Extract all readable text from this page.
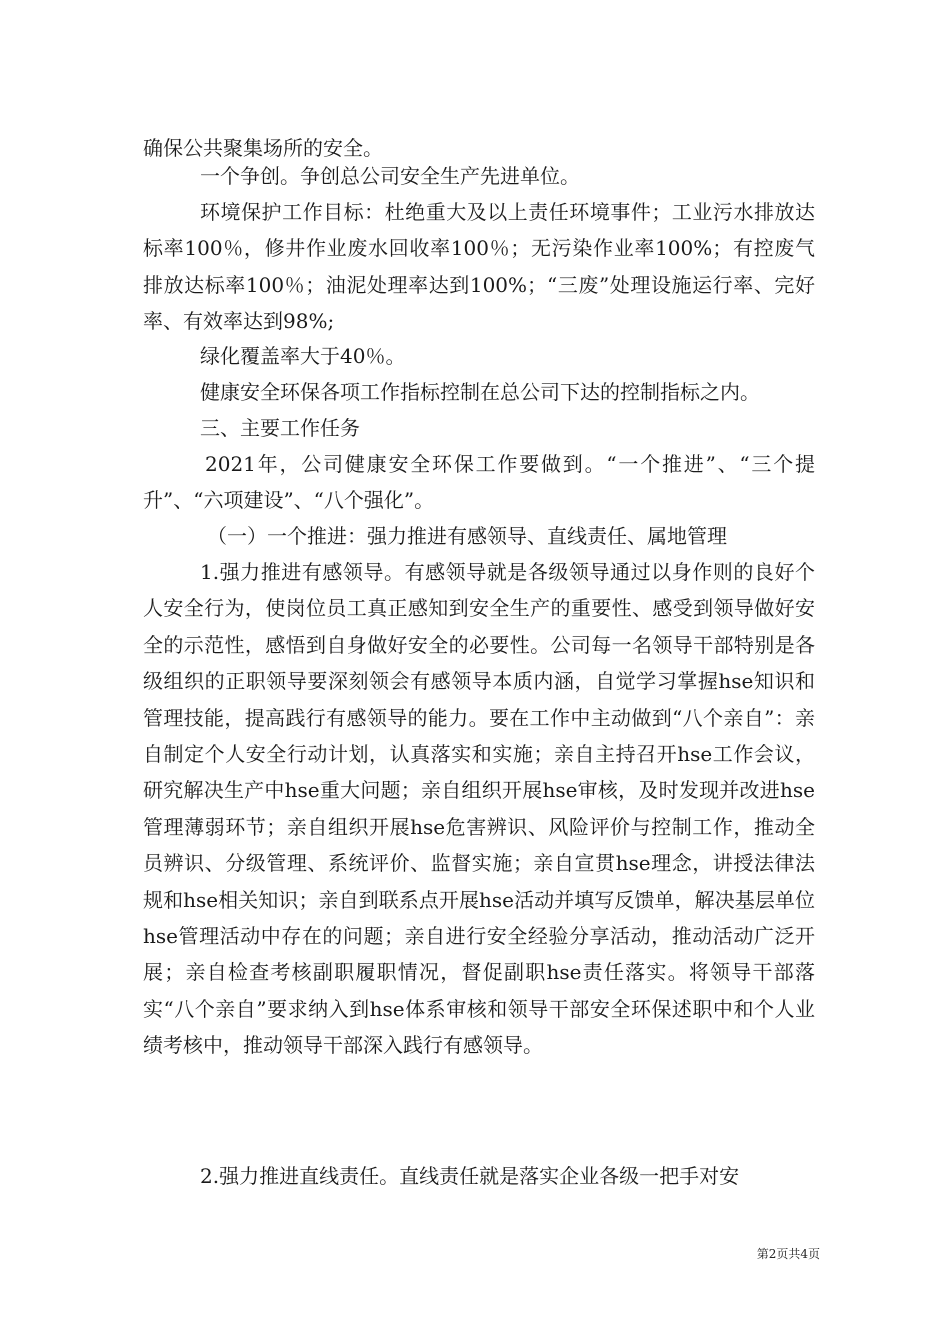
确保公共聚集场所的安全。

一个争创。争创总公司安全生产先进单位。

环境保护工作目标：杜绝重大及以上责任环境事件；工业污水排放达标率100％，修井作业废水回收率100％；无污染作业率100%；有控废气排放达标率100％；油泥处理率达到100%；“三废”处理设施运行率、完好率、有效率达到98%;

绿化覆盖率大于40％。

健康安全环保各项工作指标控制在总公司下达的控制指标之内。

三、主要工作任务

2021年，公司健康安全环保工作要做到。“一个推进”、“三个提升”、“六项建设”、“八个强化”。

（一）一个推进：强力推进有感领导、直线责任、属地管理

1.强力推进有感领导。有感领导就是各级领导通过以身作则的良好个人安全行为，使岗位员工真正感知到安全生产的重要性、感受到领导做好安全的示范性，感悟到自身做好安全的必要性。公司每一名领导干部特别是各级组织的正职领导要深刻领会有感领导本质内涵，自觉学习掌握hse知识和管理技能，提高践行有感领导的能力。要在工作中主动做到“八个亲自”：亲自制定个人安全行动计划，认真落实和实施；亲自主持召开hse工作会议，研究解决生产中hse重大问题；亲自组织开展hse审核，及时发现并改进hse管理薄弱环节；亲自组织开展hse危害辨识、风险评价与控制工作，推动全员辨识、分级管理、系统评价、监督实施；亲自宣贯hse理念，讲授法律法规和hse相关知识；亲自到联系点开展hse活动并填写反馈单，解决基层单位hse管理活动中存在的问题；亲自进行安全经验分享活动，推动活动广泛开展；亲自检查考核副职履职情况，督促副职hse责任落实。将领导干部落实“八个亲自”要求纳入到hse体系审核和领导干部安全环保述职中和个人业绩考核中，推动领导干部深入践行有感领导。

2.强力推进直线责任。直线责任就是落实企业各级一把手对安

第2页共4页
